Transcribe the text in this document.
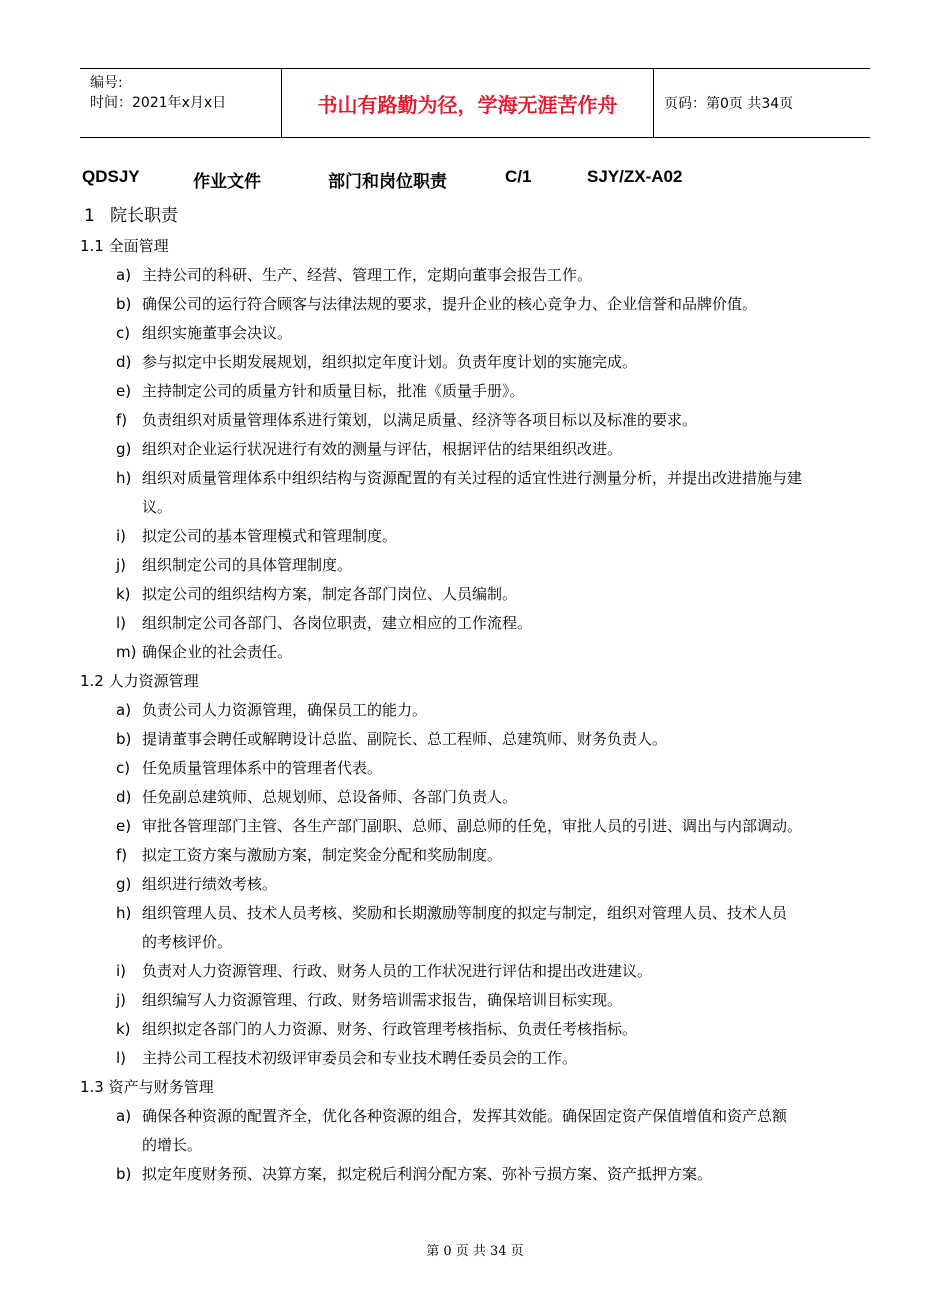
编号:
时间：2021年x月x日	书山有路勤为径，学海无涯苦作舟	页码：第0页 共34页
QDSJY	作业文件	部门和岗位职责	C/1	SJY/ZX-A02
1 院长职责
1.1 全面管理
a) 主持公司的科研、生产、经营、管理工作，定期向董事会报告工作。
b) 确保公司的运行符合顾客与法律法规的要求，提升企业的核心竞争力、企业信誉和品牌价值。
c) 组织实施董事会决议。
d) 参与拟定中长期发展规划，组织拟定年度计划。负责年度计划的实施完成。
e) 主持制定公司的质量方针和质量目标，批准《质量手册》。
f) 负责组织对质量管理体系进行策划，以满足质量、经济等各项目标以及标准的要求。
g) 组织对企业运行状况进行有效的测量与评估，根据评估的结果组织改进。
h) 组织对质量管理体系中组织结构与资源配置的有关过程的适宜性进行测量分析，并提出改进措施与建
议。
i) 拟定公司的基本管理模式和管理制度。
j) 组织制定公司的具体管理制度。
k) 拟定公司的组织结构方案，制定各部门岗位、人员编制。
l) 组织制定公司各部门、各岗位职责，建立相应的工作流程。
m) 确保企业的社会责任。
1.2 人力资源管理
a) 负责公司人力资源管理，确保员工的能力。
b) 提请董事会聘任或解聘设计总监、副院长、总工程师、总建筑师、财务负责人。
c) 任免质量管理体系中的管理者代表。
d) 任免副总建筑师、总规划师、总设备师、各部门负责人。
e) 审批各管理部门主管、各生产部门副职、总师、副总师的任免，审批人员的引进、调出与内部调动。
f) 拟定工资方案与激励方案，制定奖金分配和奖励制度。
g) 组织进行绩效考核。
h) 组织管理人员、技术人员考核、奖励和长期激励等制度的拟定与制定，组织对管理人员、技术人员
的考核评价。
i) 负责对人力资源管理、行政、财务人员的工作状况进行评估和提出改进建议。
j) 组织编写人力资源管理、行政、财务培训需求报告，确保培训目标实现。
k) 组织拟定各部门的人力资源、财务、行政管理考核指标、负责任考核指标。
l) 主持公司工程技术初级评审委员会和专业技术聘任委员会的工作。
1.3 资产与财务管理
a) 确保各种资源的配置齐全，优化各种资源的组合，发挥其效能。确保固定资产保值增值和资产总额
的增长。
b) 拟定年度财务预、决算方案，拟定税后利润分配方案、弥补亏损方案、资产抵押方案。
第 0 页 共 34 页
